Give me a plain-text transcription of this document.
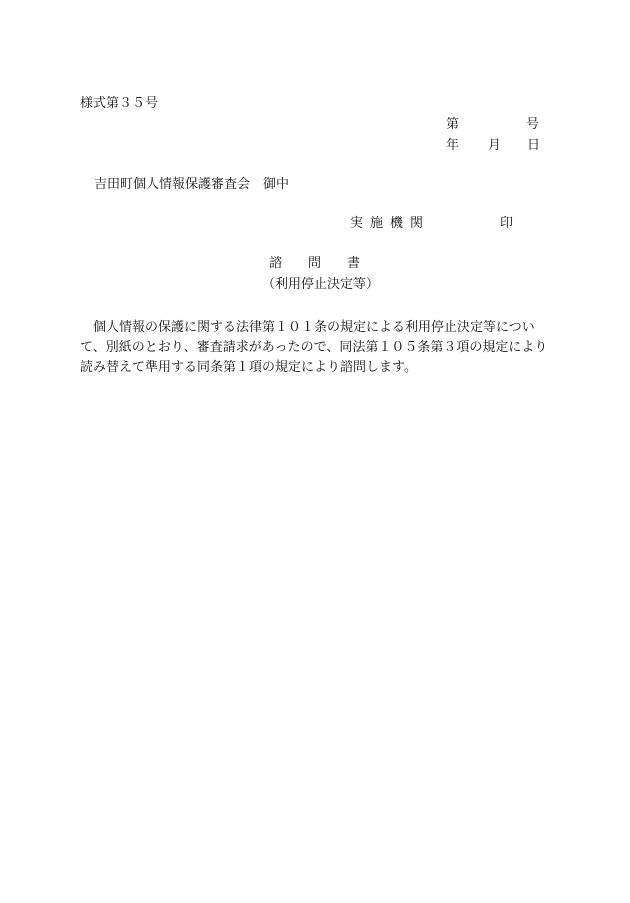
様式第３５号
第	号
年 月 日
吉田町個人情報保護審査会　御中
実施機関	印
諮問書
（利用停止決定等）
個人情報の保護に関する法律第１０１条の規定による利用停止決定等について、別紙のとおり、審査請求があったので、同法第１０５条第３項の規定により読み替えて準用する同条第１項の規定により諮問します。
